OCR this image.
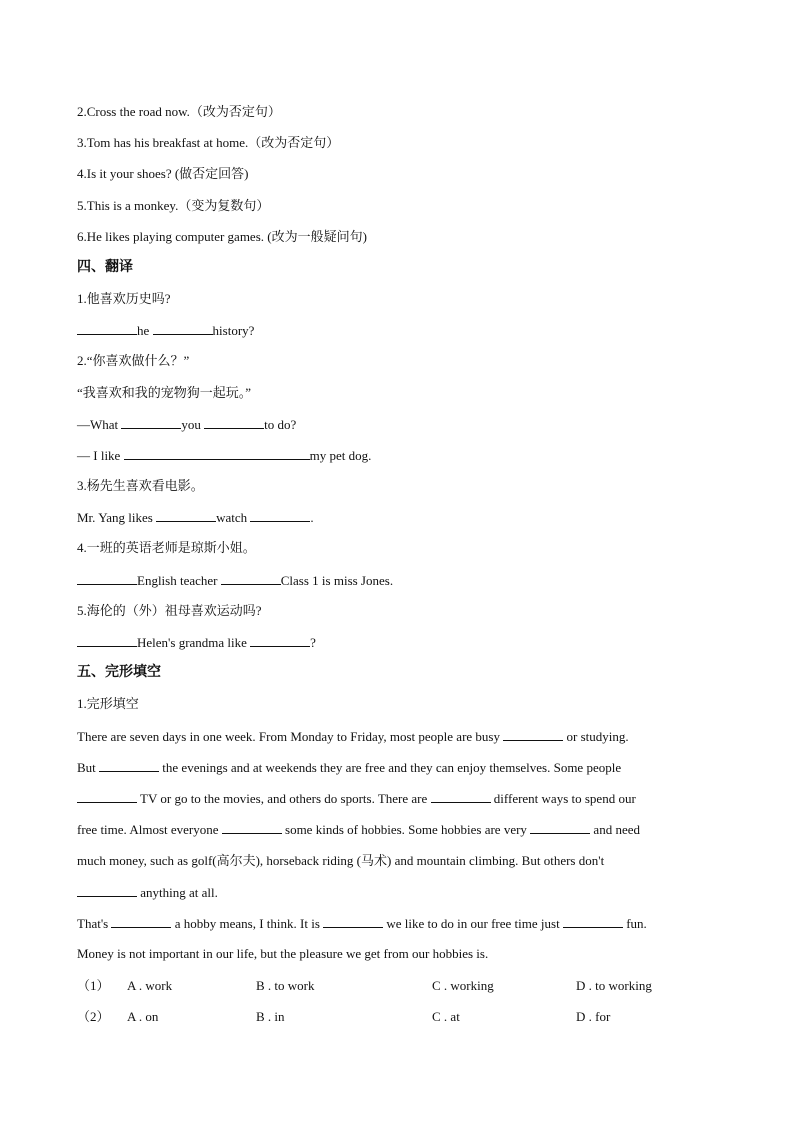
2.Cross the road now.（改为否定句）
3.Tom has his breakfast at home.（改为否定句）
4.Is it your shoes? (做否定回答)
5.This is a monkey.（变为复数句）
6.He likes playing computer games. (改为一般疑问句)
四、翻译
1.他喜欢历史吗?
he	history?
2.“你喜欢做什么？”
“我喜欢和我的宠物狗一起玩。”
—What	you	to do?
— I like	my pet dog.
3.杨先生喜欢看电影。
Mr. Yang likes	watch	.
4.一班的英语老师是琼斯小姐。
English teacher	Class 1 is miss Jones.
5.海伦的（外）祖母喜欢运动吗?
Helen's grandma like	?
五、完形填空
1.完形填空
There are seven days in one week. From Monday to Friday, most people are busy	or studying.
But	the evenings and at weekends they are free and they can enjoy themselves. Some people
TV or go to the movies, and others do sports. There are	different ways to spend our
free time. Almost everyone	some kinds of hobbies. Some hobbies are very	and need
much money, such as golf(高尔夫), horseback riding (马术) and mountain climbing. But others don't
anything at all.
That's	a hobby means, I think. It is	we like to do in our free time just	fun.
Money is not important in our life, but the pleasure we get from our hobbies is.
（1） A . work	B . to work	C . working	D . to working
（2） A . on	B . in	C . at	D . for
